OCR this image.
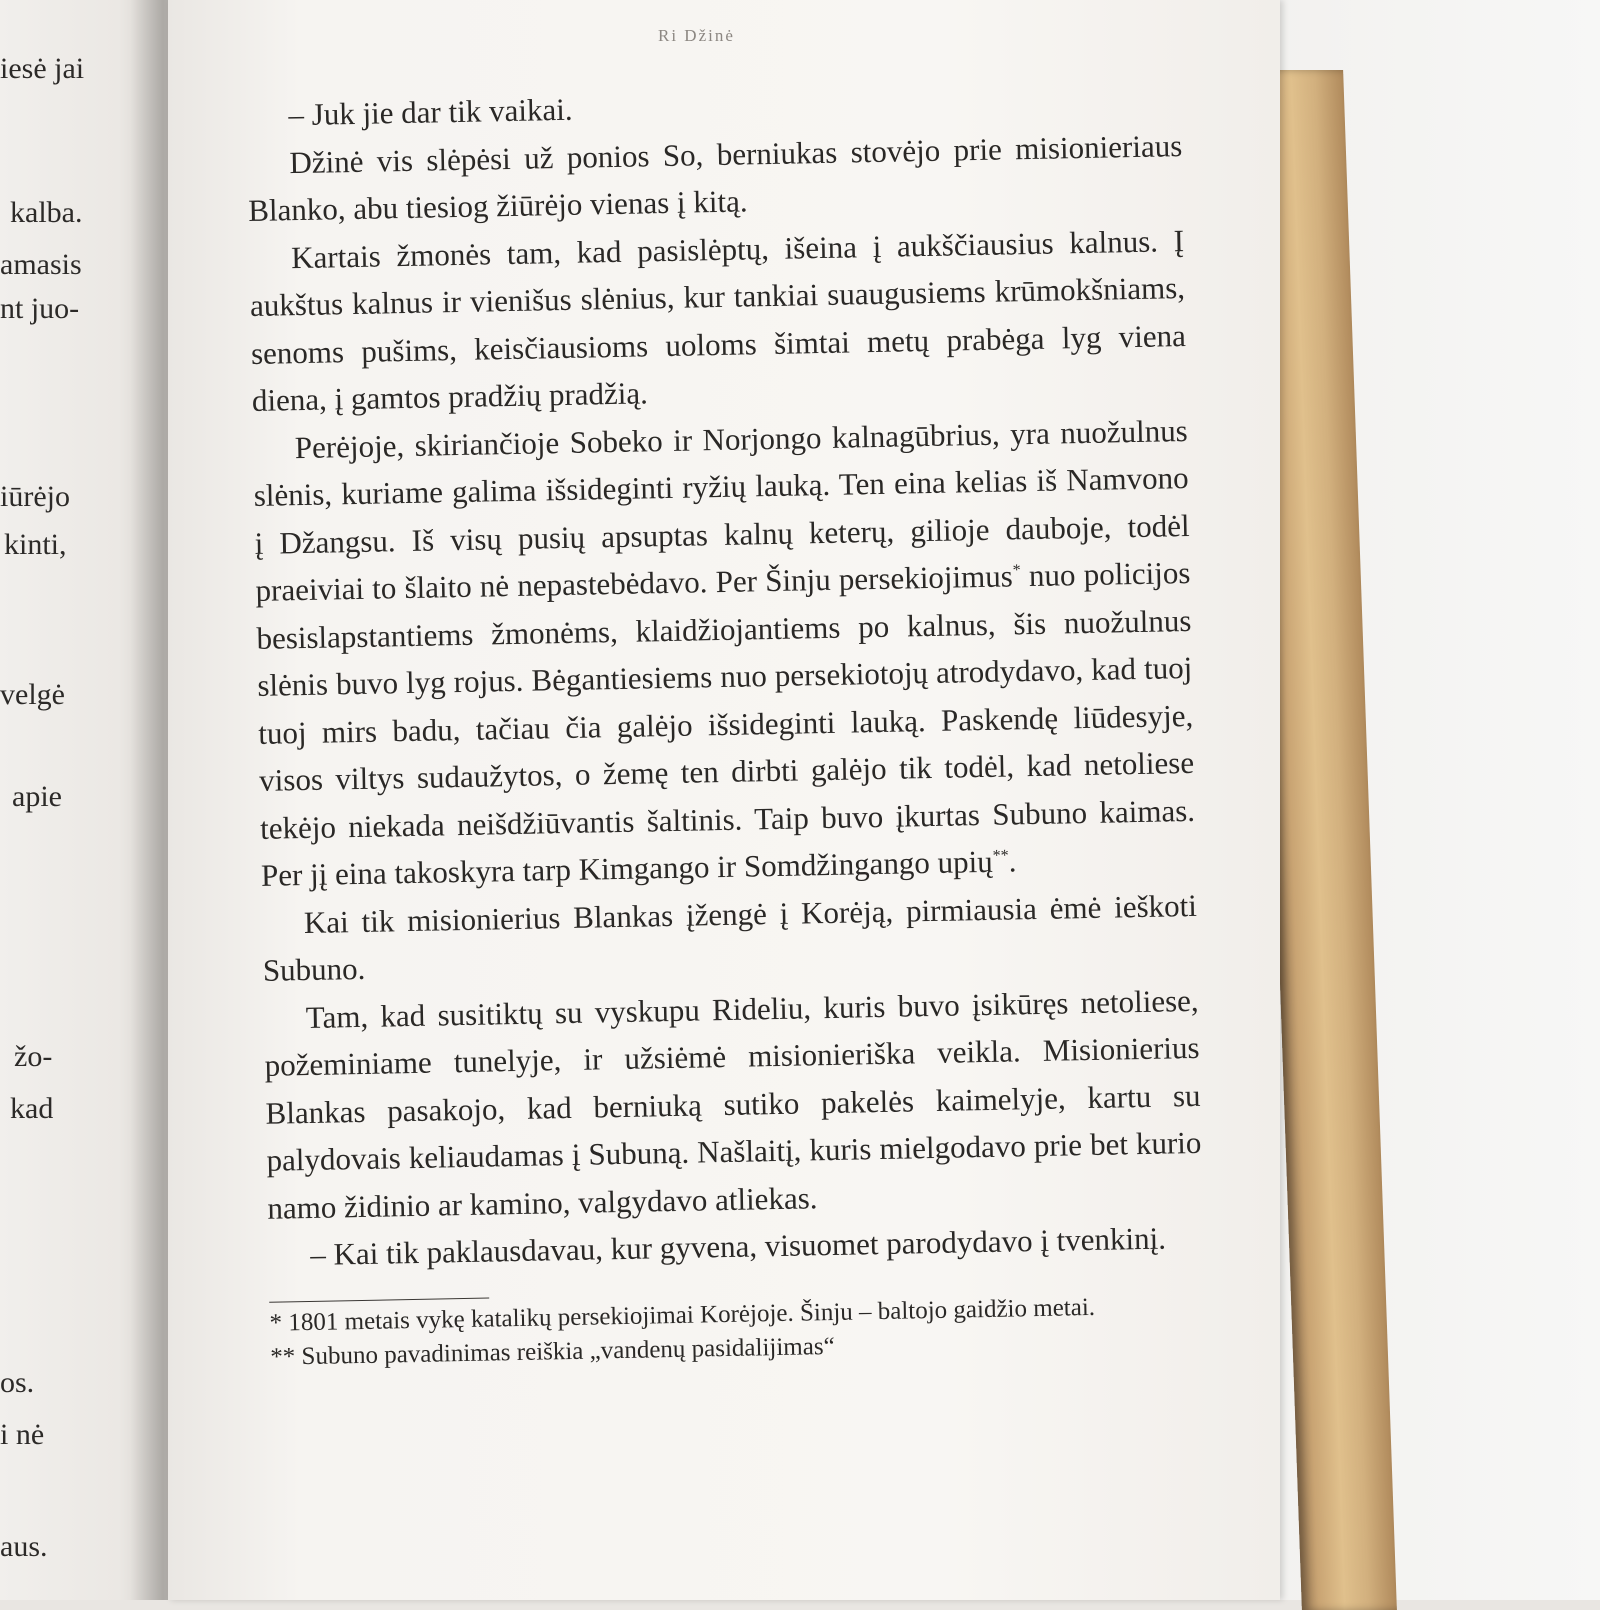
iesė jai
kalba.
amasis
nt juo-
iūrėjo
kinti,
velgė
apie
žo-
kad
os.
i nė
aus.
Ri Džinė

– Juk jie dar tik vaikai.

Džinė vis slėpėsi už ponios So, berniukas stovėjo prie misionieriaus Blanko, abu tiesiog žiūrėjo vienas į kitą.

Kartais žmonės tam, kad pasislėptų, išeina į aukščiausius kalnus. Į aukštus kalnus ir vienišus slėnius, kur tankiai suaugusiems krūmokšniams, senoms pušims, keisčiausioms uoloms šimtai metų prabėga lyg viena diena, į gamtos pradžių pradžią.

Perėjoje, skiriančioje Sobeko ir Norjongo kalnagūbrius, yra nuožulnus slėnis, kuriame galima išsideginti ryžių lauką. Ten eina kelias iš Namvono į Džangsu. Iš visų pusių apsuptas kalnų keterų, gilioje dauboje, todėl praeiviai to šlaito nė nepastebėdavo. Per Šinju persekiojimus* nuo policijos besislapstantiems žmonėms, klaidžiojantiems po kalnus, šis nuožulnus slėnis buvo lyg rojus. Bėgantiesiems nuo persekiotojų atrodydavo, kad tuoj tuoj mirs badu, tačiau čia galėjo išsideginti lauką. Paskendę liūdesyje, visos viltys sudaužytos, o žemę ten dirbti galėjo tik todėl, kad netoliese tekėjo niekada neišdžiūvantis šaltinis. Taip buvo įkurtas Subuno kaimas. Per jį eina takoskyra tarp Kimgango ir Somdžingango upių**.

Kai tik misionierius Blankas įžengė į Korėją, pirmiausia ėmė ieškoti Subuno.

Tam, kad susitiktų su vyskupu Rideliu, kuris buvo įsikūręs netoliese, požeminiame tunelyje, ir užsiėmė misionieriška veikla. Misionierius Blankas pasakojo, kad berniuką sutiko pakelės kaimelyje, kartu su palydovais keliaudamas į Subuną. Našlaitį, kuris mielgodavo prie bet kurio namo židinio ar kamino, valgydavo atliekas.

– Kai tik paklausdavau, kur gyvena, visuomet parodydavo į tvenkinį.

* 1801 metais vykę katalikų persekiojimai Korėjoje. Šinju – baltojo gaidžio metai.
** Subuno pavadinimas reiškia „vandenų pasidalijimas“
